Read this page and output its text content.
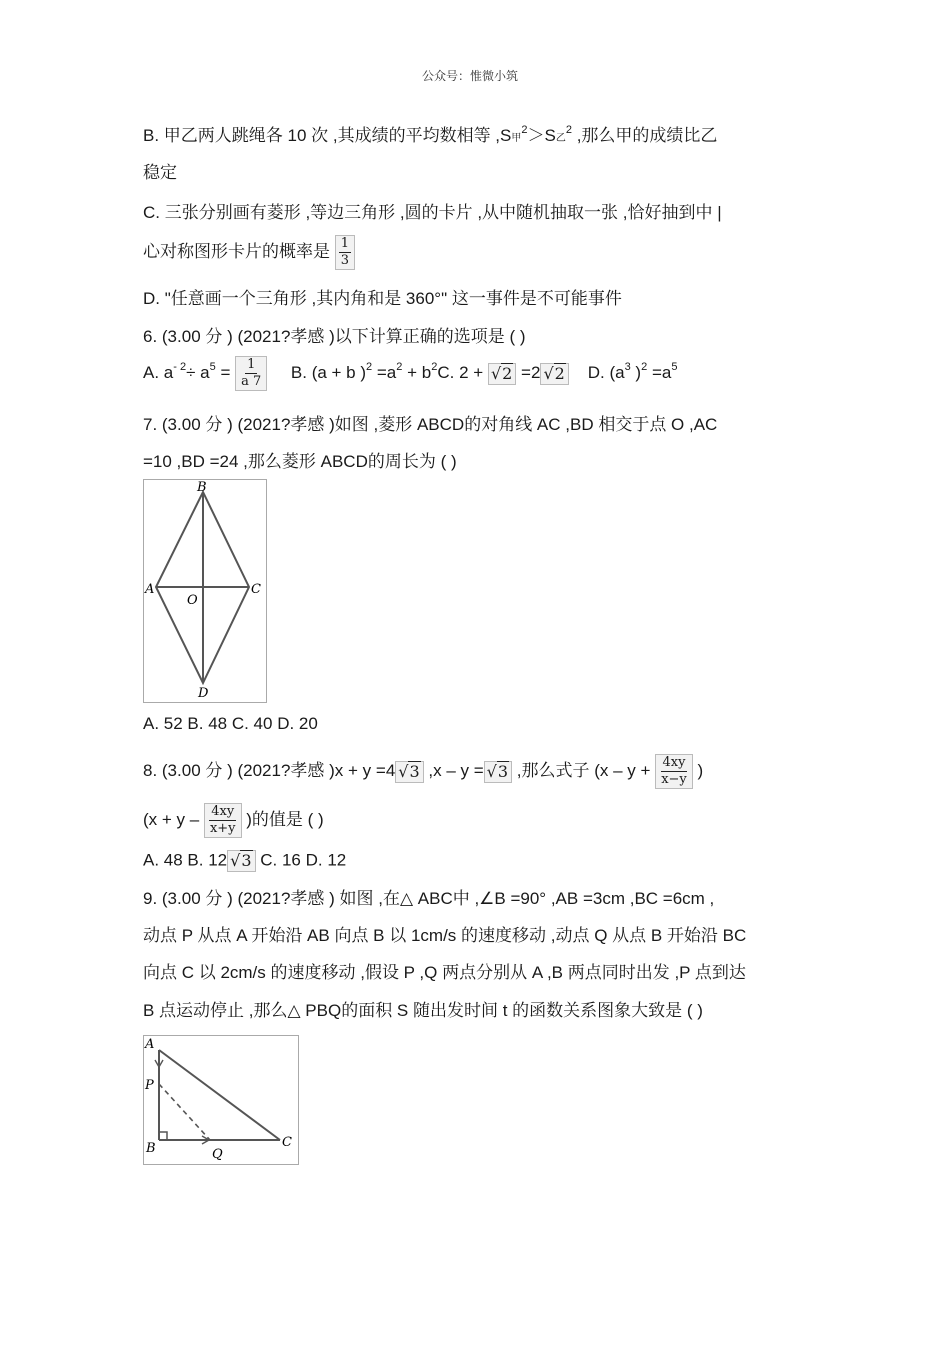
公众号：惟微小筑
B. 甲乙两人跳绳各 10 次 ,其成绩的平均数相等 ,S甲$^2$＞S乙$^2$ ,那么甲的成绩比乙
稳定
C. 三张分别画有菱形 ,等边三角形 ,圆的卡片 ,从中随机抽取一张 ,恰好抽到中 |
心对称图形卡片的概率是 $\frac{1}{3}$
D. "任意画一个三角形 ,其内角和是 360°" 这一事件是不可能事件
6. (3.00 分 ) (2021?孝感 )以下计算正确的选项是 ( )
A. $a^{- 2}\div a^5 = \frac{1}{a 7} B$. (a + b )$^2 =a^2 + b^2C$. 2 + √2 =2 √2 D. ($a^3$ )$^2 =a^5$
7. (3.00 分 ) (2021?孝感 )如图 ,菱形 ABCD的对角线 AC ,BD 相交于点 O ,AC
=10 ,BD =24 ,那么菱形 ABCD的周长为 ( )
B
A	C
O
D
A. 52 B. 48 C. 40 D. 20
8. (3.00 分 ) (2021?孝感 )x + y =4 √3 ,x – y = √3 ,那么式子 ($x - y + \frac{4xy}{x-y}$ )
($x + y - \frac{4xy}{x+y}$ )的值是 ( )
A. 48 B. 12 √3 C. 16 D. 12
9. (3.00 分 ) (2021?孝感 ) 如图 ,在△ ABC中 ,∠B =90° ,AB =3cm ,BC =6cm ,
动点 P 从点 A 开始沿 AB 向点 B 以 1cm/s 的速度移动 ,动点 Q 从点 B 开始沿 BC
向点 C 以 2cm/s 的速度移动 ,假设 P ,Q 两点分别从 A ,B 两点同时出发 ,P 点到达
B 点运动停止 ,那么△ PBQ的面积 S 随出发时间 t 的函数关系图象大致是 ( )
A
P
B	Q
C
